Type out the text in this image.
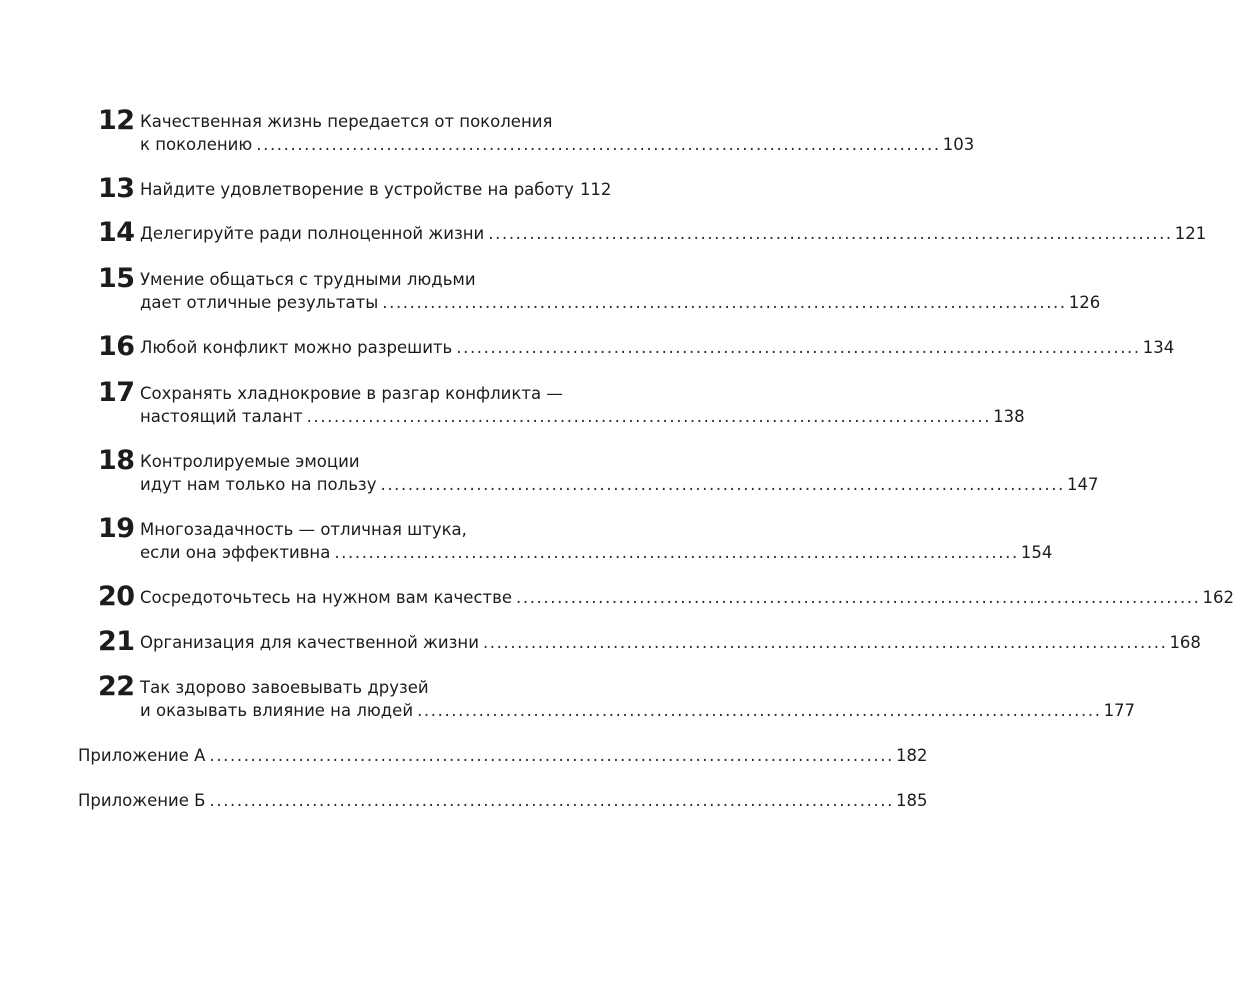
12 Качественная жизнь передается от поколения
к поколению .................................................................................................... 103
13 Найдите удовлетворение в устройстве на работу 112
14 Делегируйте ради полноценной жизни .................................................................................................... 121
15 Умение общаться с трудными людьми
дает отличные результаты .................................................................................................... 126
16 Любой конфликт можно разрешить .................................................................................................... 134
17 Сохранять хладнокровие в разгар конфликта —
настоящий талант .................................................................................................... 138
18 Контролируемые эмоции
идут нам только на пользу .................................................................................................... 147
19 Многозадачность — отличная штука,
если она эффективна .................................................................................................... 154
20 Сосредоточьтесь на нужном вам качестве .................................................................................................... 162
21 Организация для качественной жизни .................................................................................................... 168
22 Так здорово завоевывать друзей
и оказывать влияние на людей .................................................................................................... 177
Приложение А .................................................................................................... 182
Приложение Б .................................................................................................... 185
